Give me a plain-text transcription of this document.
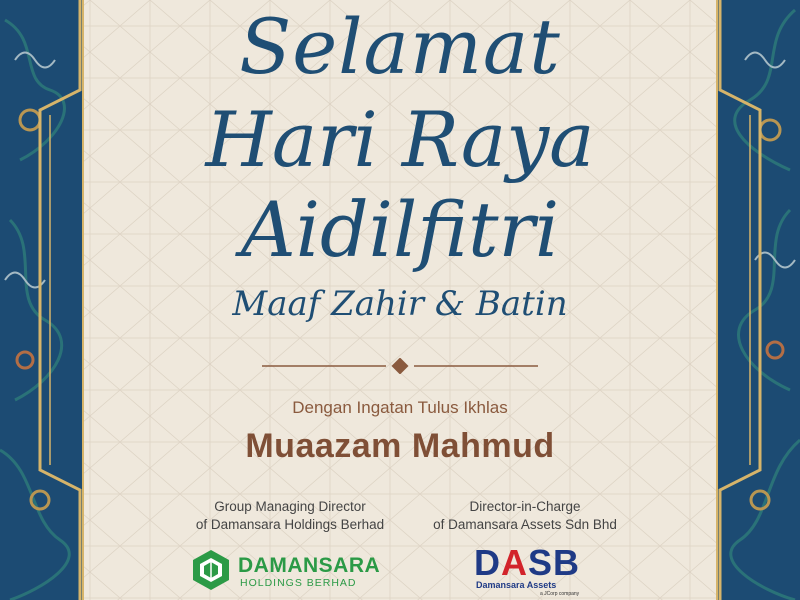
Selamat
Hari Raya
Aidilfitri
Maaf Zahir & Batin
Dengan Ingatan Tulus Ikhlas
Muaazam Mahmud
Group Managing Director
of Damansara Holdings Berhad
Director-in-Charge
of Damansara Assets Sdn Bhd
DAMANSARA
HOLDINGS BERHAD	DASB
Damansara Assets
a JCorp company
